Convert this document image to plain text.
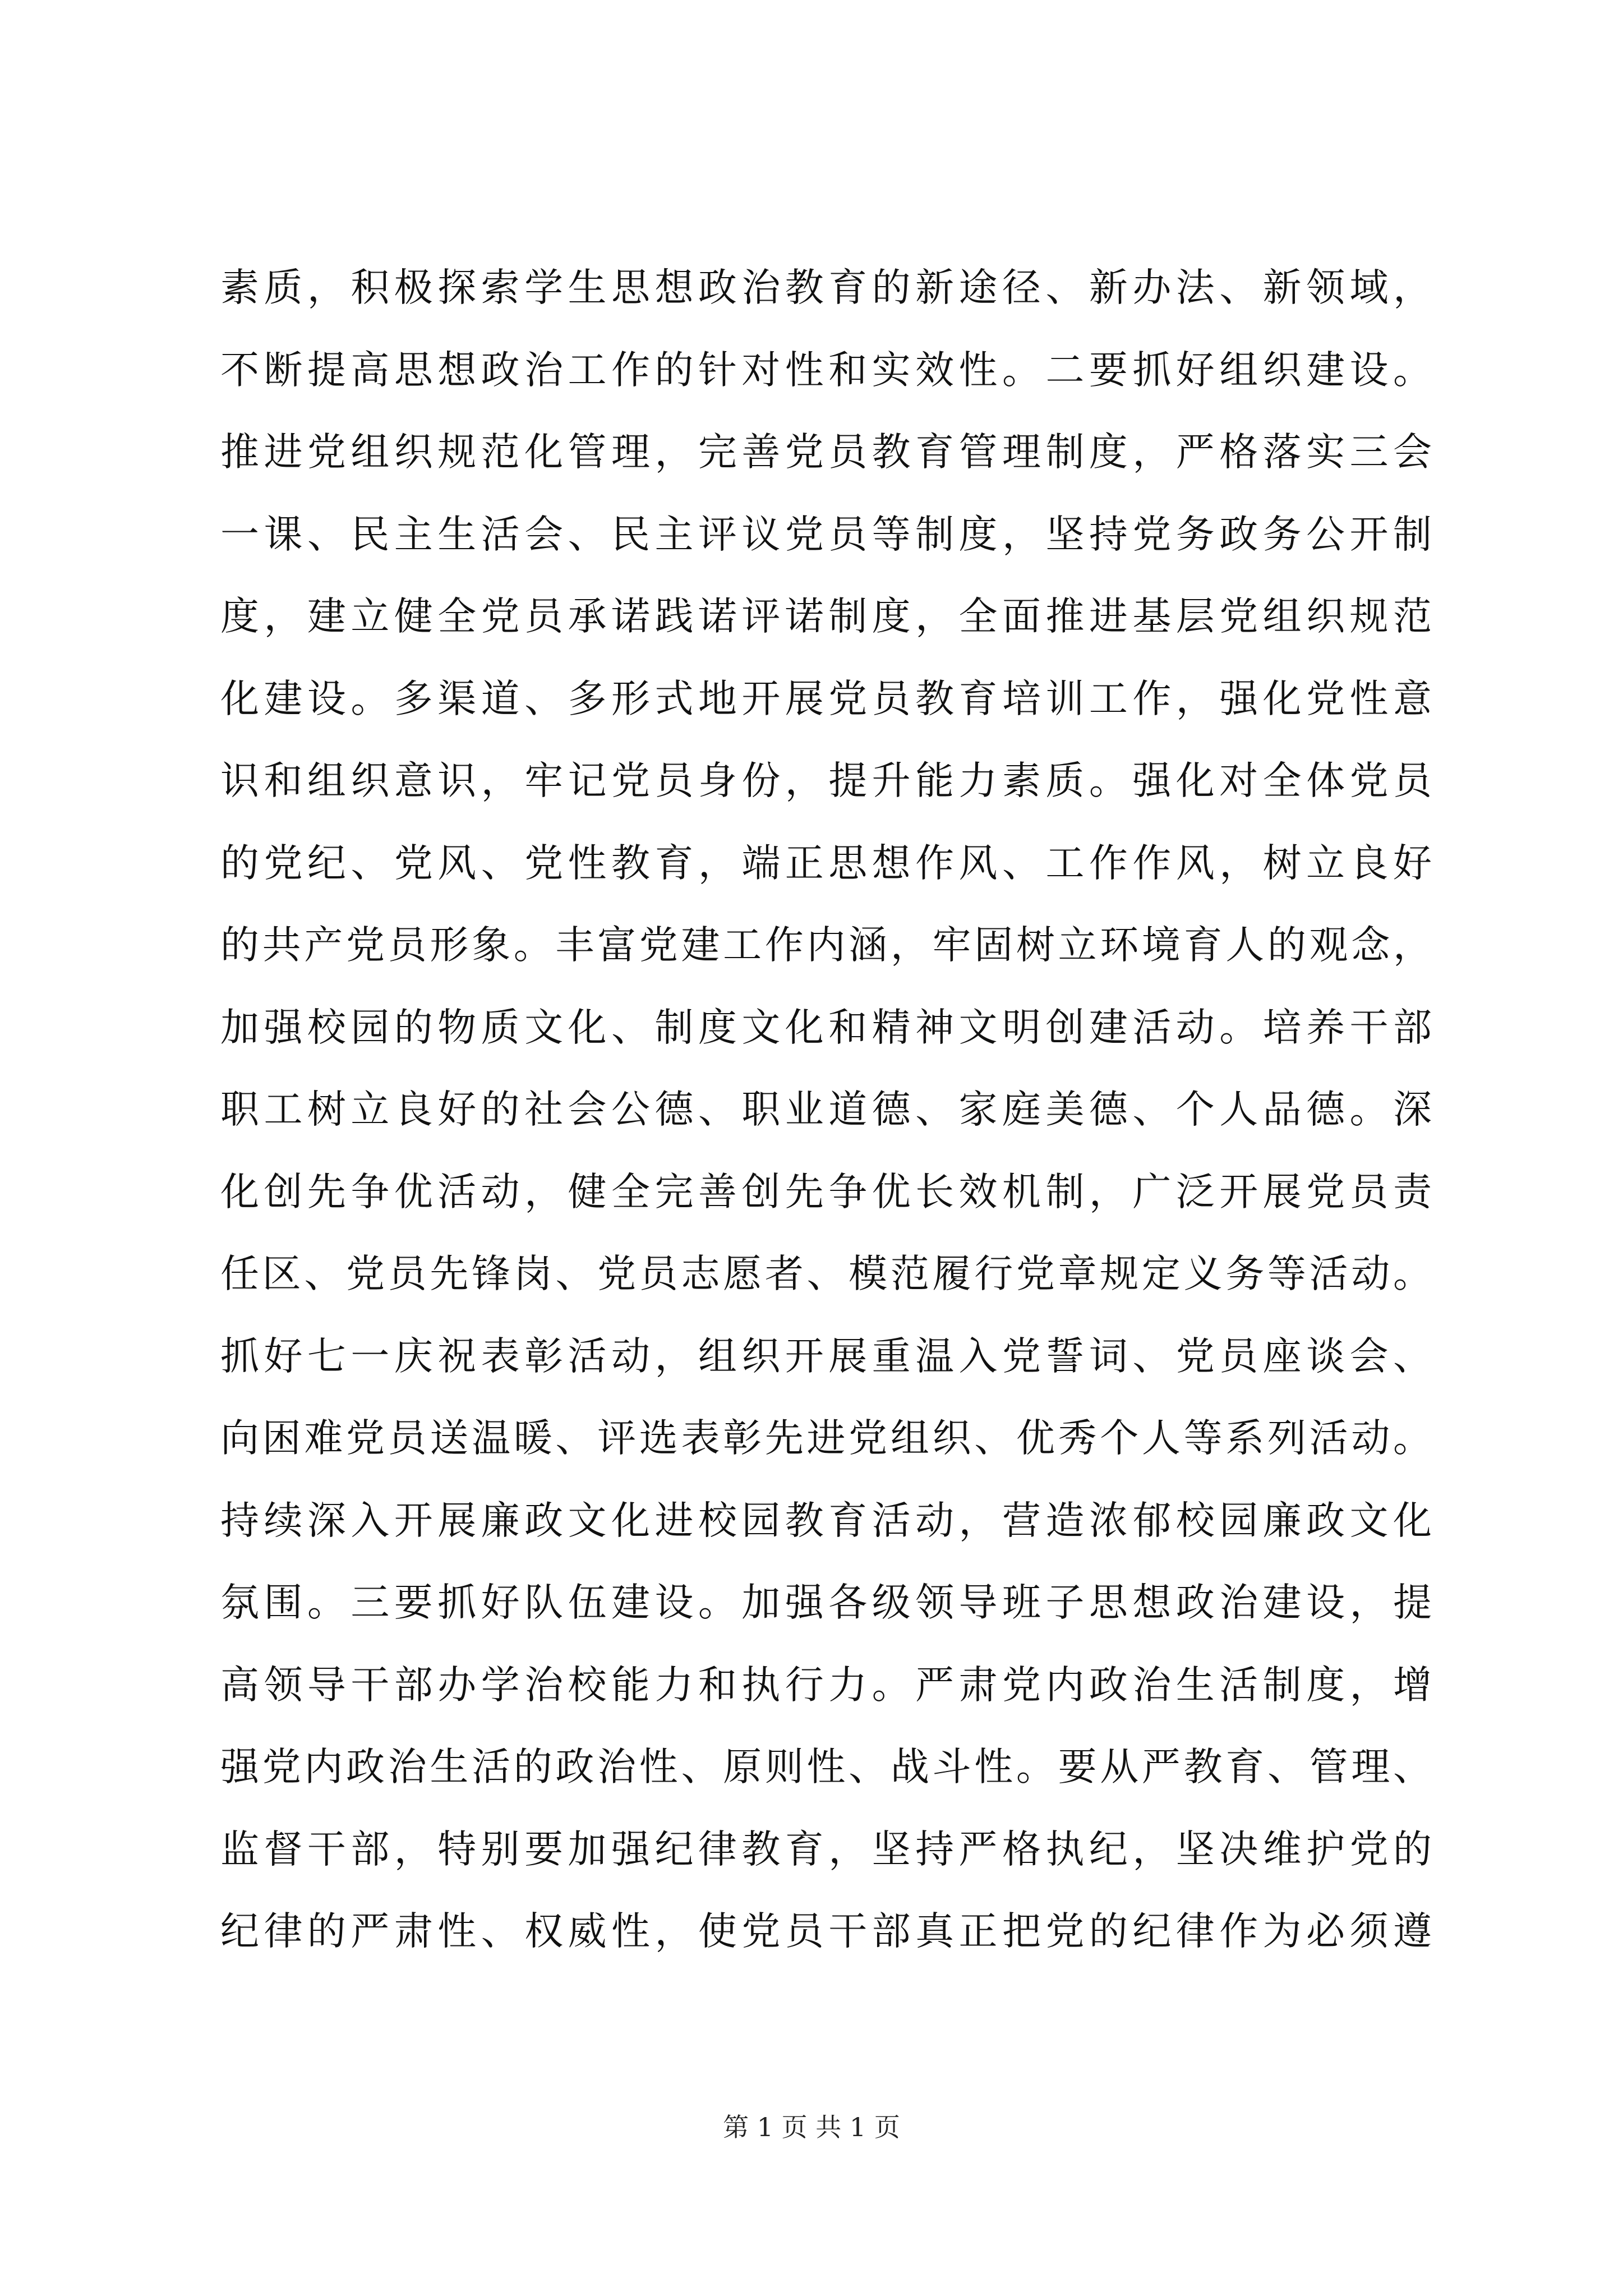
素质，积极探索学生思想政治教育的新途径、新办法、新领域，
不断提高思想政治工作的针对性和实效性。二要抓好组织建设。
推进党组织规范化管理，完善党员教育管理制度，严格落实三会
一课、民主生活会、民主评议党员等制度，坚持党务政务公开制
度，建立健全党员承诺践诺评诺制度，全面推进基层党组织规范
化建设。多渠道、多形式地开展党员教育培训工作，强化党性意
识和组织意识，牢记党员身份，提升能力素质。强化对全体党员
的党纪、党风、党性教育，端正思想作风、工作作风，树立良好
的共产党员形象。丰富党建工作内涵，牢固树立环境育人的观念，
加强校园的物质文化、制度文化和精神文明创建活动。培养干部
职工树立良好的社会公德、职业道德、家庭美德、个人品德。深
化创先争优活动，健全完善创先争优长效机制，广泛开展党员责
任区、党员先锋岗、党员志愿者、模范履行党章规定义务等活动。
抓好七一庆祝表彰活动，组织开展重温入党誓词、党员座谈会、
向困难党员送温暖、评选表彰先进党组织、优秀个人等系列活动。
持续深入开展廉政文化进校园教育活动，营造浓郁校园廉政文化
氛围。三要抓好队伍建设。加强各级领导班子思想政治建设，提
高领导干部办学治校能力和执行力。严肃党内政治生活制度，增
强党内政治生活的政治性、原则性、战斗性。要从严教育、管理、
监督干部，特别要加强纪律教育，坚持严格执纪，坚决维护党的
纪律的严肃性、权威性，使党员干部真正把党的纪律作为必须遵
第 1 页 共 1 页
